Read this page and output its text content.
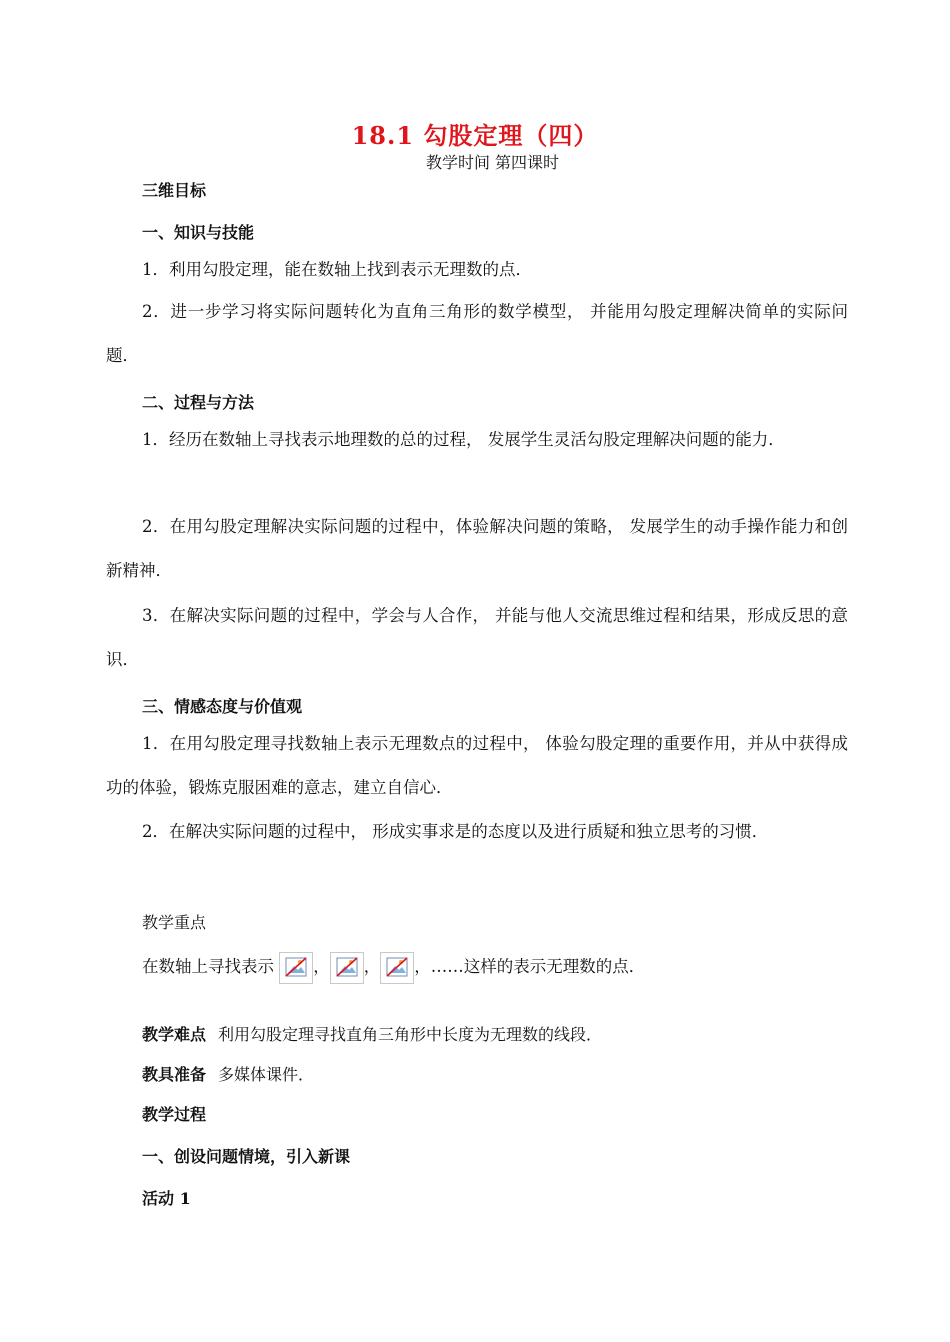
18.1 勾股定理（四）
教学时间 第四课时
三维目标
一、知识与技能
1．利用勾股定理，能在数轴上找到表示无理数的点．
2．进一步学习将实际问题转化为直角三角形的数学模型， 并能用勾股定理解决简单的实际问题．
二、过程与方法
1．经历在数轴上寻找表示地理数的总的过程， 发展学生灵活勾股定理解决问题的能力．
2．在用勾股定理解决实际问题的过程中，体验解决问题的策略， 发展学生的动手操作能力和创新精神．
3．在解决实际问题的过程中，学会与人合作， 并能与他人交流思维过程和结果，形成反思的意识．
三、情感态度与价值观
1．在用勾股定理寻找数轴上表示无理数点的过程中， 体验勾股定理的重要作用，并从中获得成功的体验，锻炼克服困难的意志，建立自信心．
2．在解决实际问题的过程中， 形成实事求是的态度以及进行质疑和独立思考的习惯．
教学重点
在数轴上寻找表示 ， ， ，……这样的表示无理数的点．
教学难点 利用勾股定理寻找直角三角形中长度为无理数的线段．
教具准备 多媒体课件．
教学过程
一、创设问题情境，引入新课
活动 1
